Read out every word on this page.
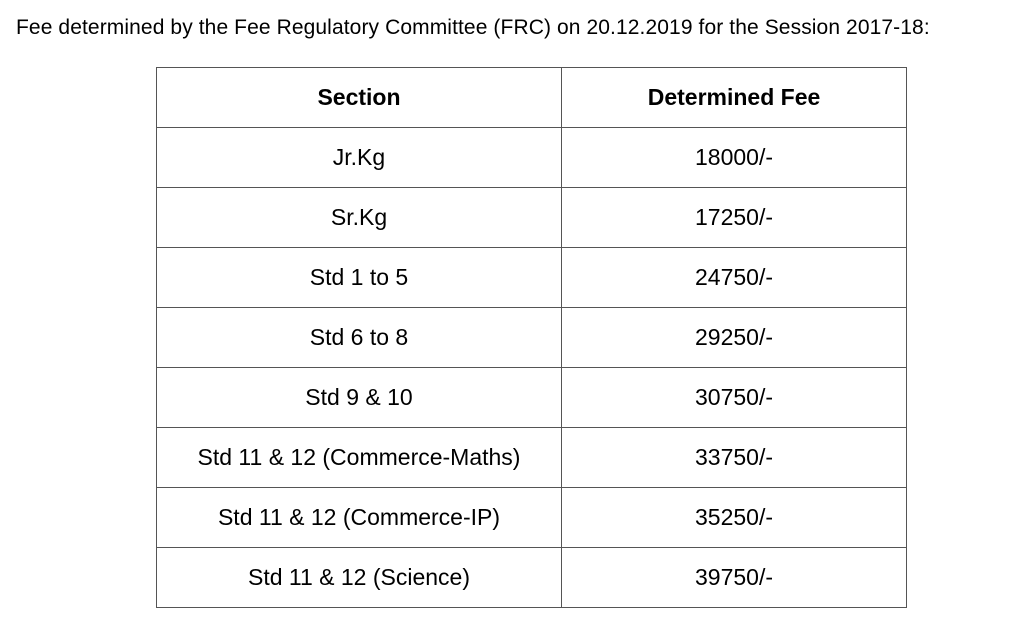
Fee determined by the Fee Regulatory Committee (FRC) on 20.12.2019 for the Session 2017-18:
Section	Determined Fee
Jr.Kg	18000/-
Sr.Kg	17250/-
Std 1 to 5	24750/-
Std 6 to 8	29250/-
Std 9 & 10	30750/-
Std 11 & 12 (Commerce-Maths)	33750/-
Std 11 & 12 (Commerce-IP)	35250/-
Std 11 & 12 (Science)	39750/-
